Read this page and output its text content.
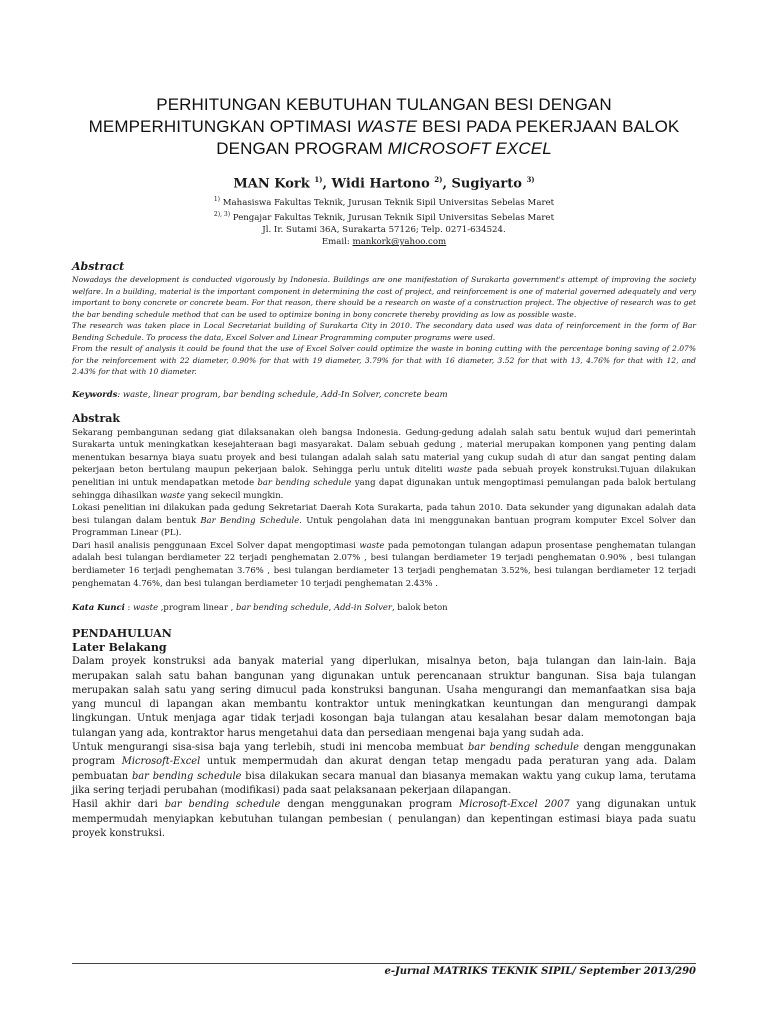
PERHITUNGAN KEBUTUHAN TULANGAN BESI DENGAN
MEMPERHITUNGKAN OPTIMASI WASTE BESI PADA PEKERJAAN BALOK
DENGAN PROGRAM MICROSOFT EXCEL
MAN Kork $^{1)}$, Widi Hartono $^{2)}$, Sugiyarto $^{3)}$
$^{1)}$ Mahasiswa Fakultas Teknik, Jurusan Teknik Sipil Universitas Sebelas Maret
$^{2), 3)}$ Pengajar Fakultas Teknik, Jurusan Teknik Sipil Universitas Sebelas Maret
Jl. Ir. Sutami 36A, Surakarta 57126; Telp. 0271-634524.
Email: mankork@yahoo.com
Abstract

Nowadays the development is conducted vigorously by Indonesia. Buildings are one manifestation of Surakarta government's attempt of improving the society welfare. In a building, material is the important component in determining the cost of project, and reinforcement is one of material governed adequately and very important to bony concrete or concrete beam. For that reason, there should be a research on waste of a construction project. The objective of research was to get the bar bending schedule method that can be used to optimize boning in bony concrete thereby providing as low as possible waste.

The research was taken place in Local Secretariat building of Surakarta City in 2010. The secondary data used was data of reinforcement in the form of Bar Bending Schedule. To process the data, Excel Solver and Linear Programming computer programs were used.

From the result of analysis it could be found that the use of Excel Solver could optimize the waste in boning cutting with the percentage boning saving of 2.07% for the reinforcement with 22 diameter, 0.90% for that with 19 diameter, 3.79% for that with 16 diameter, 3.52 for that with 13, 4.76% for that with 12, and 2.43% for that with 10 diameter.

Keywords: waste, linear program, bar bending schedule, Add-In Solver, concrete beam
Abstrak

Sekarang pembangunan sedang giat dilaksanakan oleh bangsa Indonesia. Gedung-gedung adalah salah satu bentuk wujud dari pemerintah Surakarta untuk meningkatkan kesejahteraan bagi masyarakat. Dalam sebuah gedung , material merupakan komponen yang penting dalam menentukan besarnya biaya suatu proyek and besi tulangan adalah salah satu material yang cukup sudah di atur dan sangat penting dalam pekerjaan beton bertulang maupun pekerjaan balok. Sehingga perlu untuk diteliti waste pada sebuah proyek konstruksi.Tujuan dilakukan penelitian ini untuk mendapatkan metode bar bending schedule yang dapat digunakan untuk mengoptimasi pemulangan pada balok bertulang sehingga dihasilkan waste yang sekecil mungkin.

Lokasi penelitian ini dilakukan pada gedung Sekretariat Daerah Kota Surakarta, pada tahun 2010. Data sekunder yang digunakan adalah data besi tulangan dalam bentuk Bar Bending Schedule. Untuk pengolahan data ini menggunakan bantuan program komputer Excel Solver dan Programman Linear (PL).

Dari hasil analisis penggunaan Excel Solver dapat mengoptimasi waste pada pemotongan tulangan adapun prosentase penghematan tulangan adalah besi tulangan berdiameter 22 terjadi penghematan 2.07% , besi tulangan berdiameter 19 terjadi penghematan 0.90% , besi tulangan berdiameter 16 terjadi penghematan 3.76% , besi tulangan berdiameter 13 terjadi penghematan 3.52%, besi tulangan berdiameter 12 terjadi penghematan 4.76%, dan besi tulangan berdiameter 10 terjadi penghematan 2.43% .

Kata Kunci : waste ,program linear , bar bending schedule, Add-in Solver, balok beton
PENDAHULUAN
Later Belakang

Dalam proyek konstruksi ada banyak material yang diperlukan, misalnya beton, baja tulangan dan lain-lain. Baja merupakan salah satu bahan bangunan yang digunakan untuk perencanaan struktur bangunan. Sisa baja tulangan merupakan salah satu yang sering dimucul pada konstruksi bangunan. Usaha mengurangi dan memanfaatkan sisa baja yang muncul di lapangan akan membantu kontraktor untuk meningkatkan keuntungan dan mengurangi dampak lingkungan. Untuk menjaga agar tidak terjadi kosongan baja tulangan atau kesalahan besar dalam memotongan baja tulangan yang ada, kontraktor harus mengetahui data dan persediaan mengenai baja yang sudah ada.

Untuk mengurangi sisa-sisa baja yang terlebih, studi ini mencoba membuat bar bending schedule dengan menggunakan program Microsoft-Excel untuk mempermudah dan akurat dengan tetap mengadu pada peraturan yang ada. Dalam pembuatan bar bending schedule bisa dilakukan secara manual dan biasanya memakan waktu yang cukup lama, terutama jika sering terjadi perubahan (modifikasi) pada saat pelaksanaan pekerjaan dilapangan.

Hasil akhir dari bar bending schedule dengan menggunakan program Microsoft-Excel 2007 yang digunakan untuk mempermudah menyiapkan kebutuhan tulangan pembesian ( penulangan) dan kepentingan estimasi biaya pada suatu proyek konstruksi.

e-Jurnal MATRIKS TEKNIK SIPIL/ September 2013/290
